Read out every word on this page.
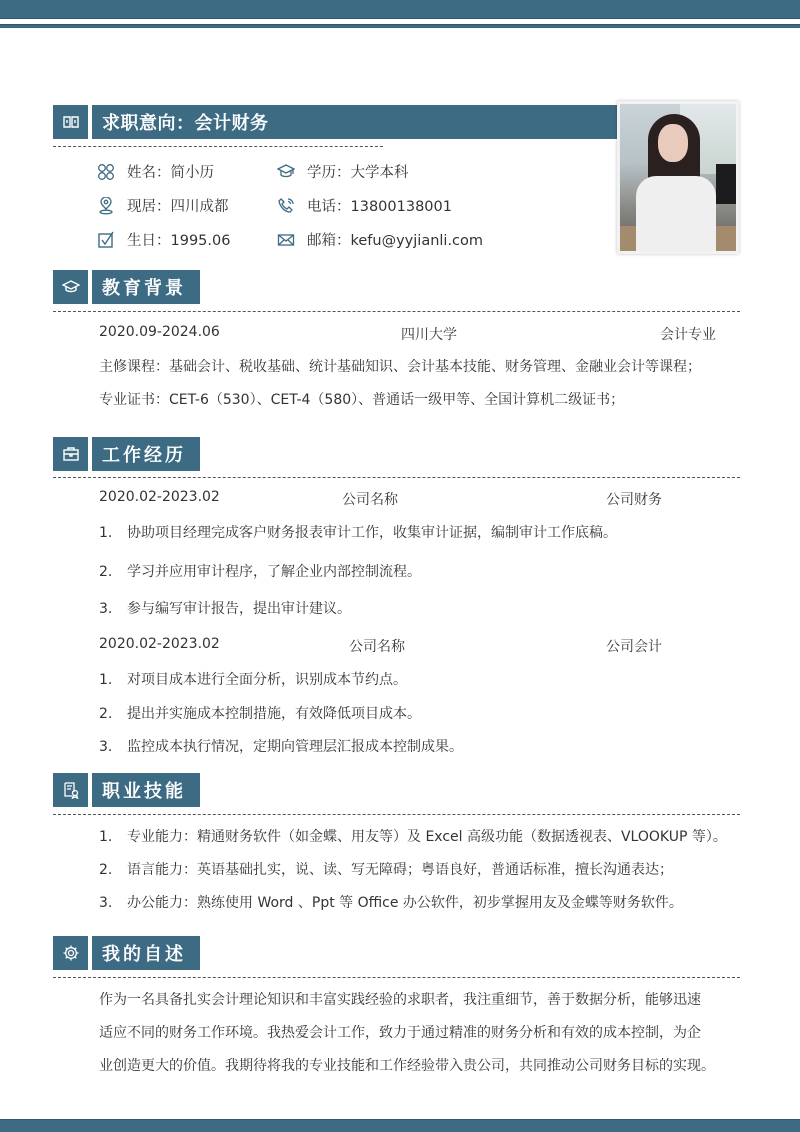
求职意向：会计财务
姓名：简小历	学历：大学本科
现居：四川成都	电话：13800138001
生日：1995.06	邮箱：kefu@yyjianli.com
教育背景
2020.09-2024.06	四川大学	会计专业
主修课程：基础会计、税收基础、统计基础知识、会计基本技能、财务管理、金融业会计等课程；
专业证书：CET-6（530）、CET-4（580）、普通话一级甲等、全国计算机二级证书；
工作经历
2020.02-2023.02	公司名称	公司财务
1. 协助项目经理完成客户财务报表审计工作，收集审计证据，编制审计工作底稿。
2. 学习并应用审计程序，了解企业内部控制流程。
3. 参与编写审计报告，提出审计建议。
2020.02-2023.02	公司名称	公司会计
1. 对项目成本进行全面分析，识别成本节约点。
2. 提出并实施成本控制措施，有效降低项目成本。
3. 监控成本执行情况，定期向管理层汇报成本控制成果。
职业技能
1. 专业能力：精通财务软件（如金蝶、用友等）及 Excel 高级功能（数据透视表、VLOOKUP 等）。
2. 语言能力：英语基础扎实，说、读、写无障碍；粤语良好，普通话标准，擅长沟通表达；
3. 办公能力：熟练使用 Word 、Ppt 等 Office 办公软件，初步掌握用友及金蝶等财务软件。
我的自述
作为一名具备扎实会计理论知识和丰富实践经验的求职者，我注重细节，善于数据分析，能够迅速
适应不同的财务工作环境。我热爱会计工作，致力于通过精准的财务分析和有效的成本控制，为企
业创造更大的价值。我期待将我的专业技能和工作经验带入贵公司，共同推动公司财务目标的实现。
